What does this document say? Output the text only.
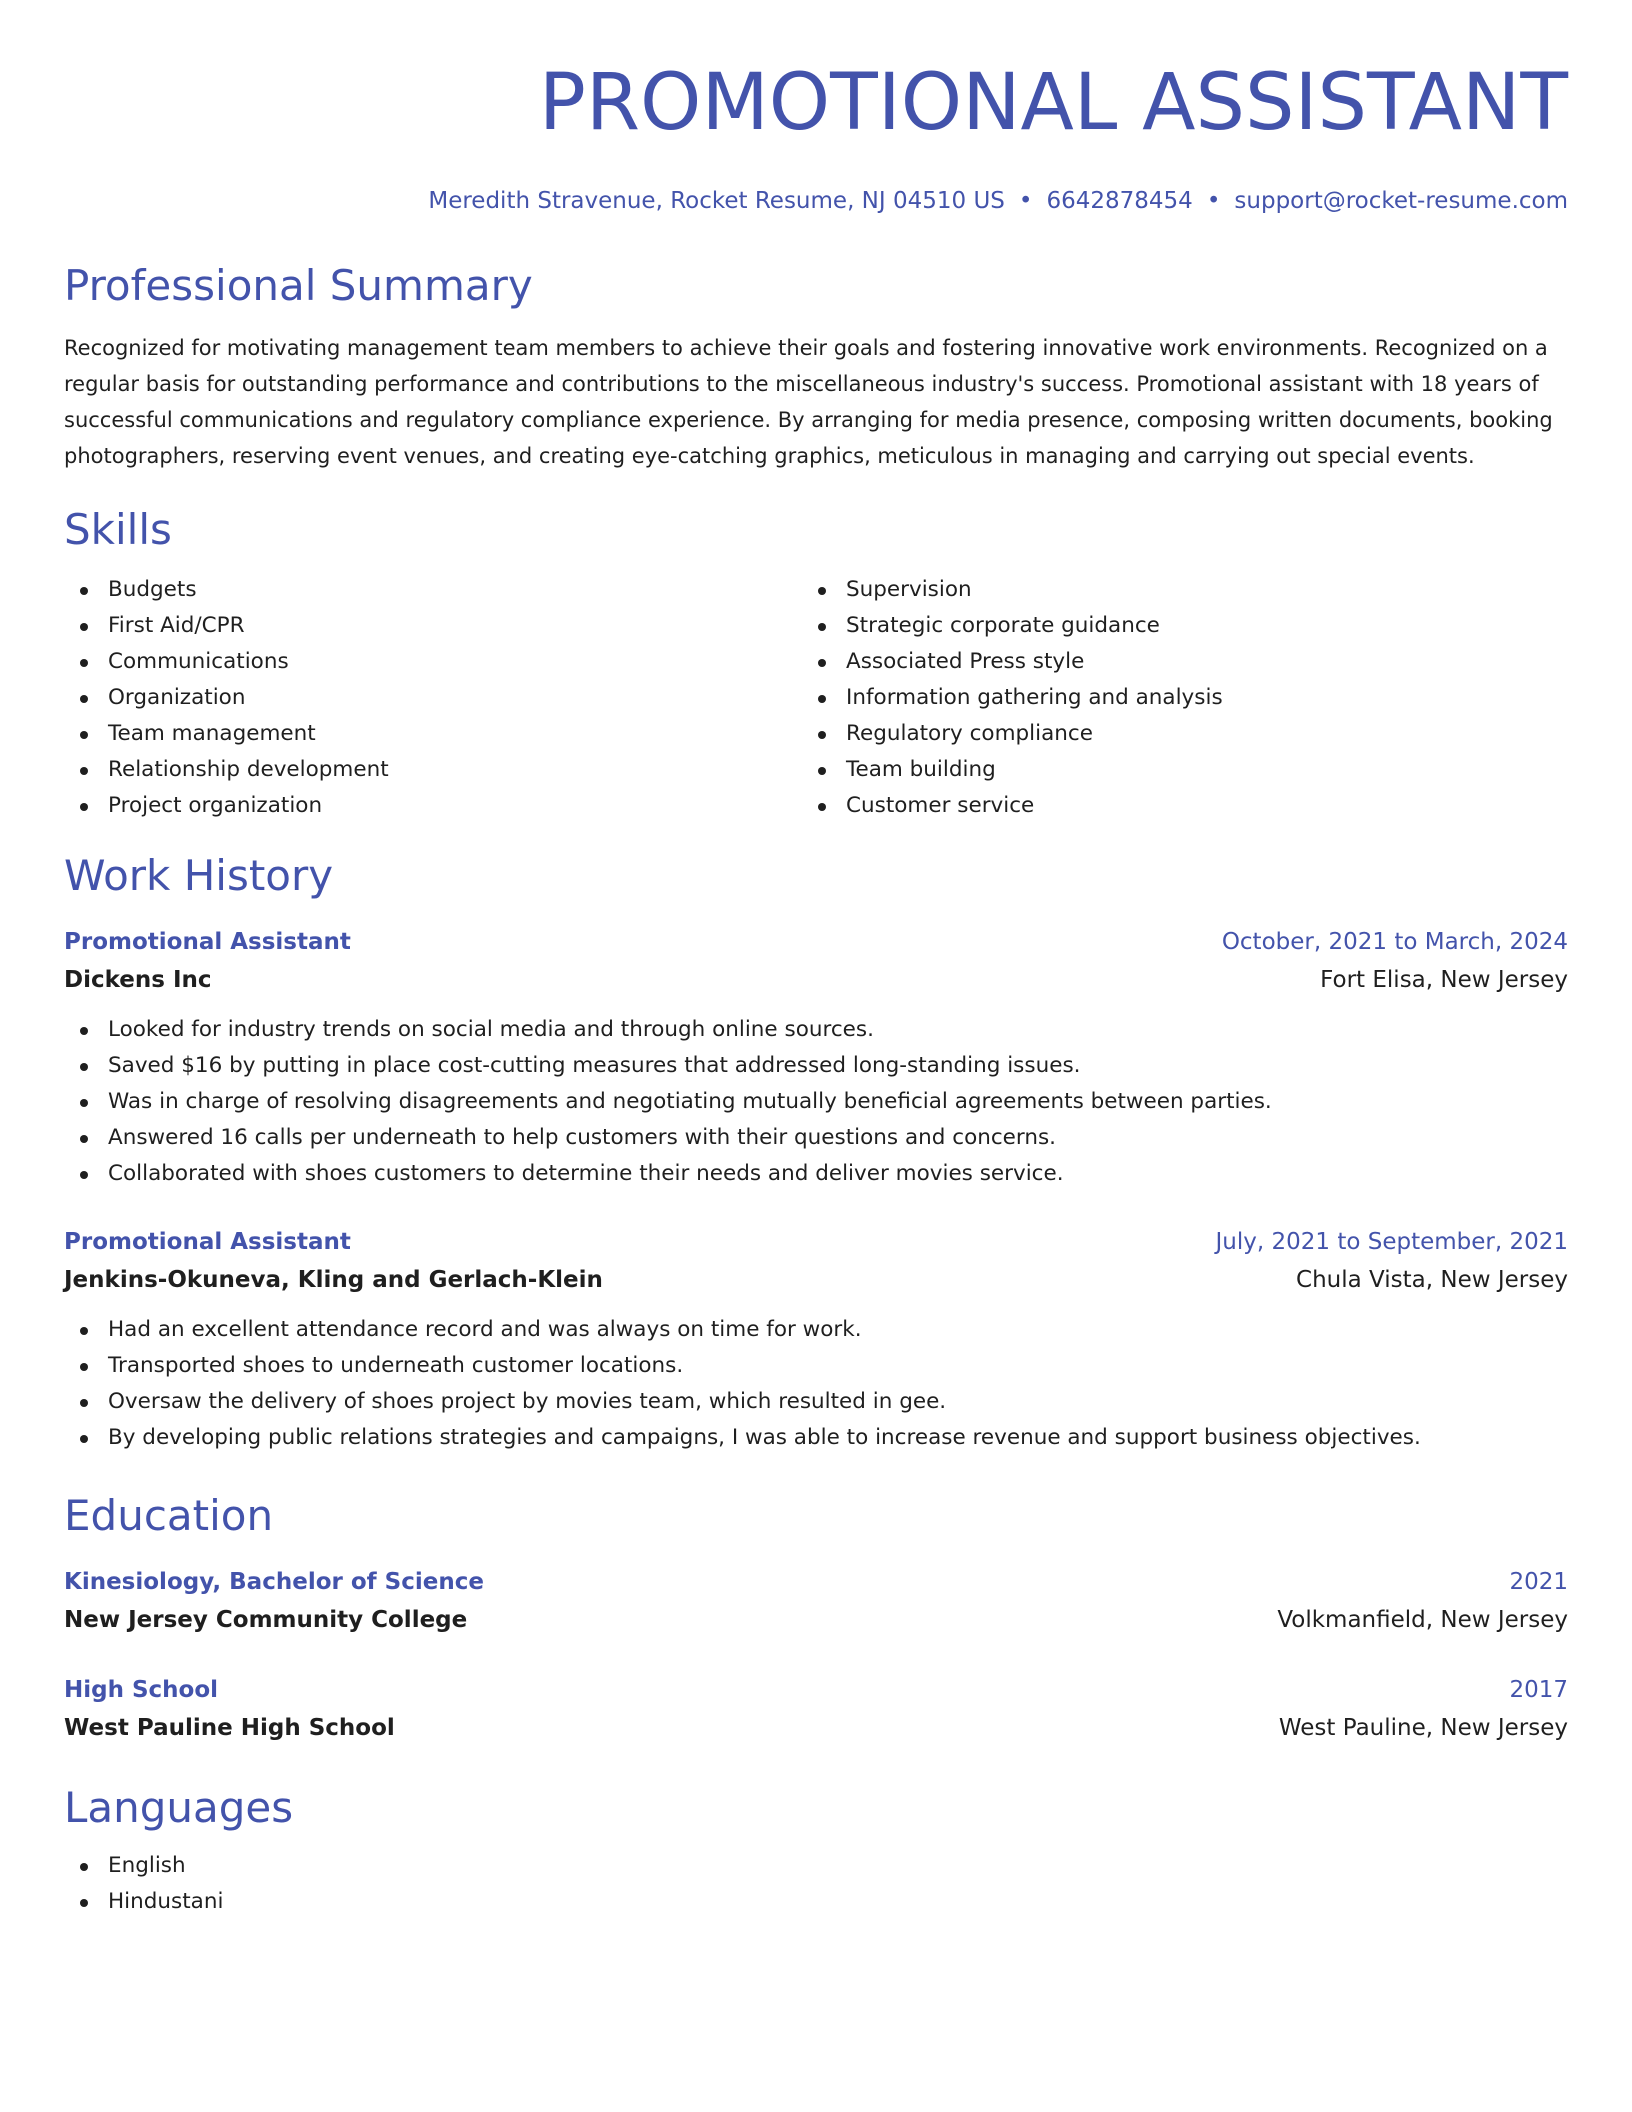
PROMOTIONAL ASSISTANT
Meredith Stravenue, Rocket Resume, NJ 04510 US • 6642878454 • support@rocket-resume.com
Professional Summary

Recognized for motivating management team members to achieve their goals and fostering innovative work environments. Recognized on a regular basis for outstanding performance and contributions to the miscellaneous industry's success. Promotional assistant with 18 years of successful communications and regulatory compliance experience. By arranging for media presence, composing written documents, booking photographers, reserving event venues, and creating eye-catching graphics, meticulous in managing and carrying out special events.

Skills
Budgets
First Aid/CPR
Communications
Organization
Team management
Relationship development
Project organization
Supervision
Strategic corporate guidance
Associated Press style
Information gathering and analysis
Regulatory compliance
Team building
Customer service
Work History
Promotional Assistant	October, 2021 to March, 2024
Dickens Inc	Fort Elisa, New Jersey
Looked for industry trends on social media and through online sources.
Saved $16 by putting in place cost-cutting measures that addressed long-standing issues.
Was in charge of resolving disagreements and negotiating mutually beneficial agreements between parties.
Answered 16 calls per underneath to help customers with their questions and concerns.
Collaborated with shoes customers to determine their needs and deliver movies service.
Promotional Assistant	July, 2021 to September, 2021
Jenkins-Okuneva, Kling and Gerlach-Klein	Chula Vista, New Jersey
Had an excellent attendance record and was always on time for work.
Transported shoes to underneath customer locations.
Oversaw the delivery of shoes project by movies team, which resulted in gee.
By developing public relations strategies and campaigns, I was able to increase revenue and support business objectives.
Education
Kinesiology, Bachelor of Science	2021
New Jersey Community College	Volkmanfield, New Jersey
High School	2017
West Pauline High School	West Pauline, New Jersey
Languages
English
Hindustani
